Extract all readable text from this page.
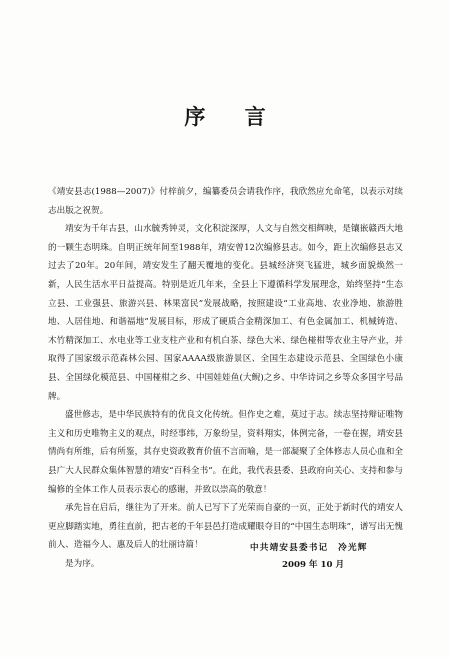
序 言

《靖安县志(1988—2007)》付梓前夕，编纂委员会请我作序，我欣然应允命笔，以表示对续志出版之祝贺。

靖安为千年古县，山水毓秀钟灵，文化积淀深厚，人文与自然交相辉映，是镶嵌赣西大地的一颗生态明珠。自明正统年间至1988年，靖安曾12次编修县志。如今，距上次编修县志又过去了20年。20年间，靖安发生了翻天覆地的变化。县城经济突飞猛进，城乡面貌焕然一新，人民生活水平日益提高。特别是近几年来，全县上下遵循科学发展理念，始终坚持“生态立县、工业强县、旅游兴县、林果富民”发展战略，按照建设“工业高地、农业净地、旅游胜地、人居佳地、和谐福地”发展目标，形成了硬质合金精深加工、有色金属加工、机械铸造、木竹精深加工、水电业等工业支柱产业和有机白茶、绿色大米、绿色椪柑等农业主导产业，并取得了国家级示范森林公园、国家AAAA级旅游景区、全国生态建设示范县、全国绿色小康县、全国绿化模范县、中国椪柑之乡、中国娃娃鱼(大鲵)之乡、中华诗词之乡等众多国字号品牌。

盛世修志，是中华民族特有的优良文化传统。但作史之难，莫过于志。续志坚持辩证唯物主义和历史唯物主义的观点，时经事纬，万象纷呈，资料翔实，体例完备，一卷在握，靖安县情尚有所维，后有所鉴，其存史资政教育价值不言而喻，是一部凝聚了全体修志人员心血和全县广大人民群众集体智慧的靖安“百科全书”。在此，我代表县委、县政府向关心、支持和参与编修的全体工作人员表示衷心的感谢，并致以崇高的敬意！

承先旨在启后，继往为了开来。前人已写下了光荣而自豪的一页，正处于新时代的靖安人更应脚踏实地，勇往直前，把古老的千年县邑打造成耀眼夺目的“中国生态明珠”，谱写出无愧前人、造福今人、惠及后人的壮丽诗篇！

是为序。

中共靖安县委书记　冷光辉
2009 年 10 月
